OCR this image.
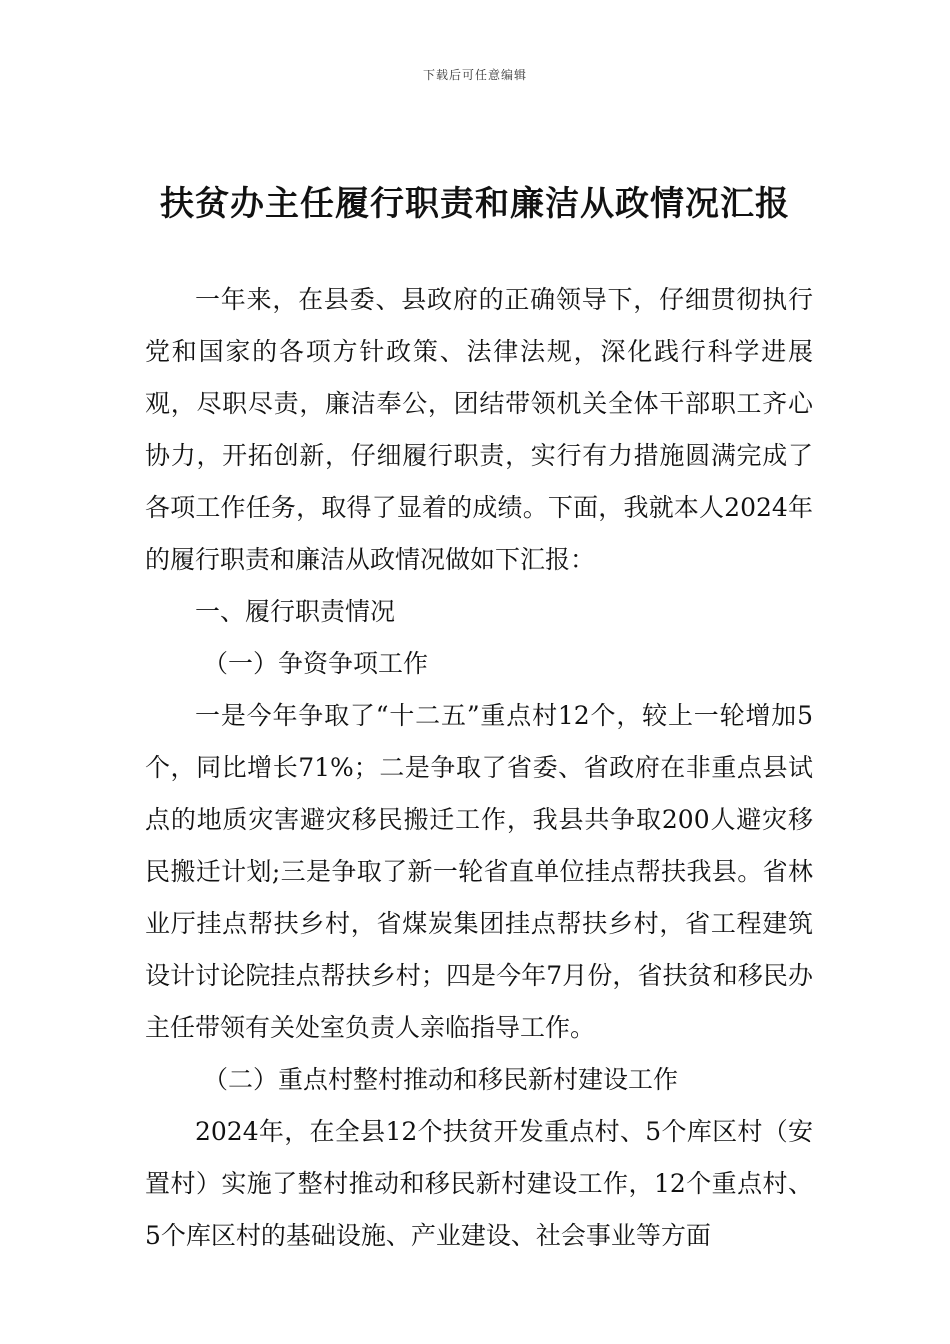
下载后可任意编辑
扶贫办主任履行职责和廉洁从政情况汇报

一年来，在县委、县政府的正确领导下，仔细贯彻执行党和国家的各项方针政策、法律法规，深化践行科学进展观，尽职尽责，廉洁奉公，团结带领机关全体干部职工齐心协力，开拓创新，仔细履行职责，实行有力措施圆满完成了各项工作任务，取得了显着的成绩。下面，我就本人2024年的履行职责和廉洁从政情况做如下汇报：

一、履行职责情况

（一）争资争项工作

一是今年争取了“十二五”重点村12个，较上一轮增加5个，同比增长71%；二是争取了省委、省政府在非重点县试点的地质灾害避灾移民搬迁工作，我县共争取200人避灾移民搬迁计划;三是争取了新一轮省直单位挂点帮扶我县。省林业厅挂点帮扶乡村，省煤炭集团挂点帮扶乡村，省工程建筑设计讨论院挂点帮扶乡村；四是今年7月份，省扶贫和移民办主任带领有关处室负责人亲临指导工作。

（二）重点村整村推动和移民新村建设工作

2024年，在全县12个扶贫开发重点村、5个库区村（安置村）实施了整村推动和移民新村建设工作，12个重点村、5个库区村的基础设施、产业建设、社会事业等方面
